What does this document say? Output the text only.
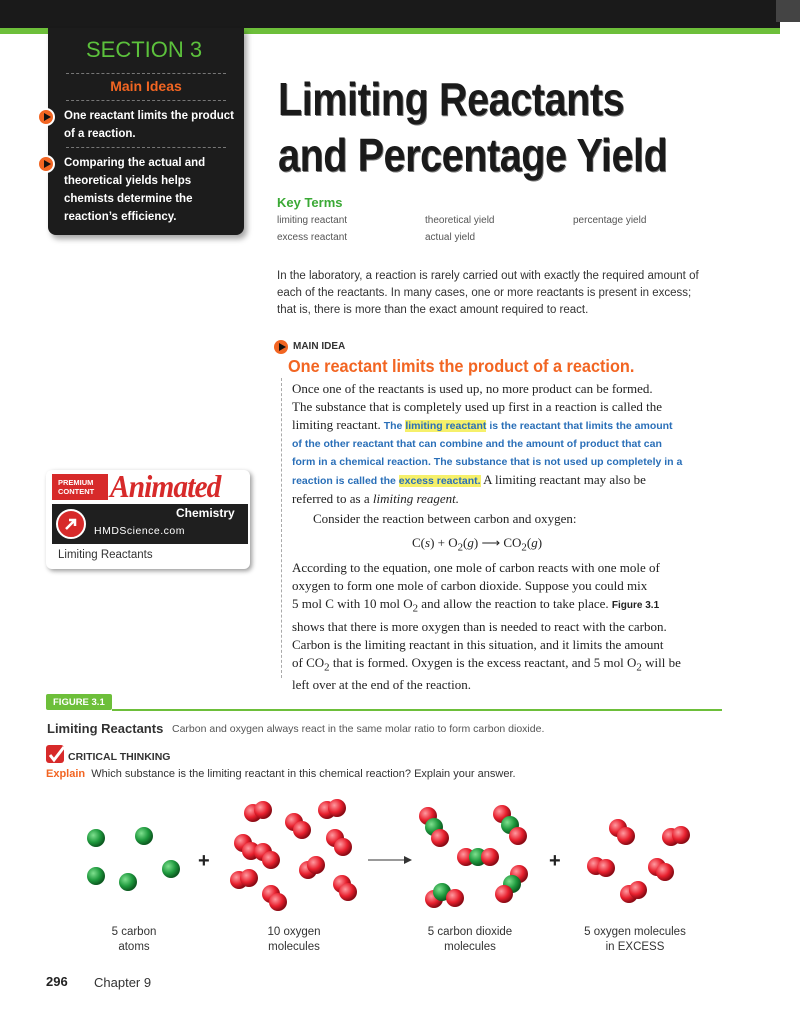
SECTION 3
Main Ideas
One reactant limits the product
of a reaction.
Comparing the actual and
theoretical yields helps
chemists determine the
reaction’s efficiency.
Limiting Reactants
and Percentage Yield
Key Terms
limiting reactant	theoretical yield	percentage yield
excess reactant	actual yield
In the laboratory, a reaction is rarely carried out with exactly the required amount of
each of the reactants. In many cases, one or more reactants is present in excess;
that is, there is more than the exact amount required to react.
MAIN IDEA
One reactant limits the product of a reaction.
Once one of the reactants is used up, no more product can be formed.
The substance that is completely used up first in a reaction is called the
limiting reactant. The limiting reactant is the reactant that limits the amount
of the other reactant that can combine and the amount of product that can
form in a chemical reaction. The substance that is not used up completely in a
reaction is called the excess reactant. A limiting reactant may also be
referred to as a limiting reagent.
Consider the reaction between carbon and oxygen:
$C(s) + O_2(g)$ ⟶ $CO_2(g)$
According to the equation, one mole of carbon reacts with one mole of
oxygen to form one mole of carbon dioxide. Suppose you could mix
5 mol C with 10 mol $O_2$ and allow the reaction to take place. Figure 3.1
shows that there is more oxygen than is needed to react with the carbon.
Carbon is the limiting reactant in this situation, and it limits the amount
of $CO_2$ that is formed. Oxygen is the excess reactant, and 5 mol $O_2$ will be
left over at the end of the reaction.
PREMIUM
CONTENT Animated
Chemistry
HMDScience.com
Limiting Reactants
FIGURE 3.1
Limiting Reactants Carbon and oxygen always react in the same molar ratio to form carbon dioxide.
CRITICAL THINKING
Explain Which substance is the limiting reactant in this chemical reaction? Explain your answer.
+	+
5 carbon
atoms
10 oxygen
molecules
5 carbon dioxide
molecules
5 oxygen molecules
in EXCESS
296 Chapter 9
